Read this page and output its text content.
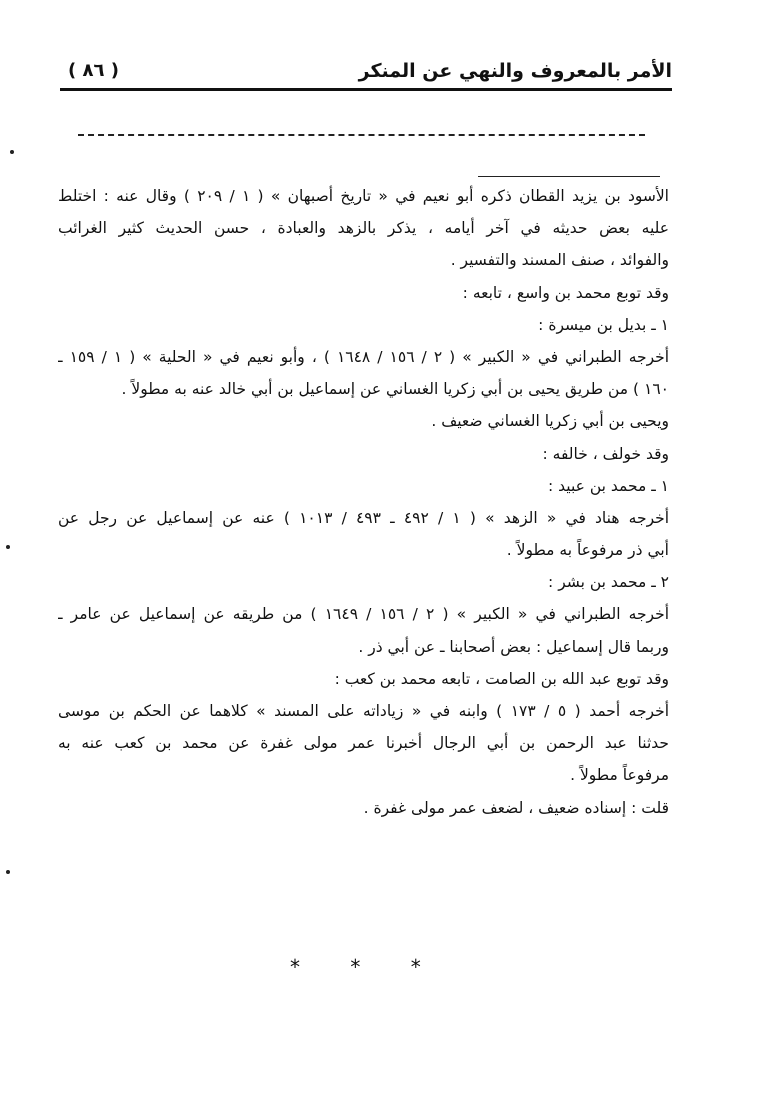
الأمر بالمعروف والنهي عن المنكر
( ٨٦ )
الأسود بن يزيد القطان ذكره أبو نعيم في « تاريخ أصبهان » ( ١ / ٢٠٩ ) وقال عنه : اختلط
عليه بعض حديثه في آخر أيامه ، يذكر بالزهد والعبادة ، حسن الحديث كثير الغرائب
والفوائد ، صنف المسند والتفسير .
وقد توبع محمد بن واسع ، تابعه :
١ ـ بديل بن ميسرة :
أخرجه الطبراني في « الكبير » ( ٢ / ١٥٦ / ١٦٤٨ ) ، وأبو نعيم في « الحلية » ( ١ / ١٥٩ ـ
١٦٠ ) من طريق يحيى بن أبي زكريا الغساني عن إسماعيل بن أبي خالد عنه به مطولاً .
ويحيى بن أبي زكريا الغساني ضعيف .
وقد خولف ، خالفه :
١ ـ محمد بن عبيد :
أخرجه هناد في « الزهد » ( ١ / ٤٩٢ ـ ٤٩٣ / ١٠١٣ ) عنه عن إسماعيل عن رجل عن
أبي ذر مرفوعاً به مطولاً .
٢ ـ محمد بن بشر :
أخرجه الطبراني في « الكبير » ( ٢ / ١٥٦ / ١٦٤٩ ) من طريقه عن إسماعيل عن عامر ـ
وربما قال إسماعيل : بعض أصحابنا ـ عن أبي ذر .
وقد توبع عبد الله بن الصامت ، تابعه محمد بن كعب :
أخرجه أحمد ( ٥ / ١٧٣ ) وابنه في « زياداته على المسند » كلاهما عن الحكم بن موسى
حدثنا عبد الرحمن بن أبي الرجال أخبرنا عمر مولى غفرة عن محمد بن كعب عنه به
مرفوعاً مطولاً .
قلت : إسناده ضعيف ، لضعف عمر مولى غفرة .
* * *
